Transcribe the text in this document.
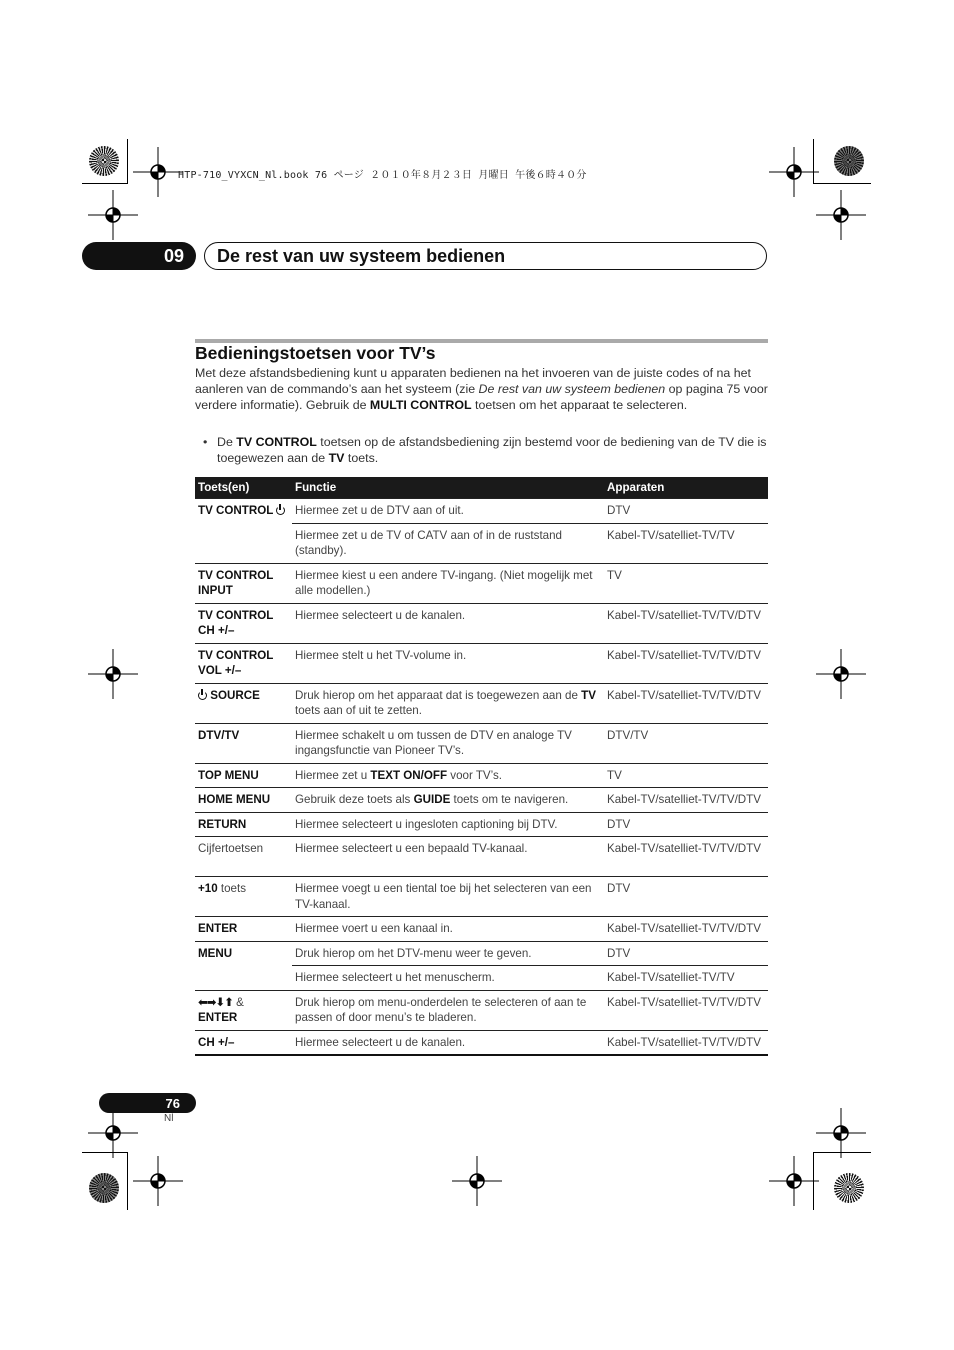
HTP-710_VYXCN_Nl.book 76 ページ ２０１０年８月２３日 月曜日 午後６時４０分
09	De rest van uw systeem bedienen
Bedieningstoetsen voor TV’s
Met deze afstandsbediening kunt u apparaten bedienen na het invoeren van de juiste codes of na het aanleren van de commando’s aan het systeem (zie De rest van uw systeem bedienen op pagina 75 voor verdere informatie). Gebruik de MULTI CONTROL toetsen om het apparaat te selecteren.
• De TV CONTROL toetsen op de afstandsbediening zijn bestemd voor de bediening van de TV die is toegewezen aan de TV toets.
Toets(en)	Functie	Apparaten
TV CONTROL	Hiermee zet u de DTV aan of uit.	DTV
	Hiermee zet u de TV of CATV aan of in de ruststand (standby).	Kabel-TV/satelliet-TV/TV
TV CONTROL
INPUT	Hiermee kiest u een andere TV-ingang. (Niet mogelijk met alle modellen.)	TV
TV CONTROL
CH +/–	Hiermee selecteert u de kanalen.	Kabel-TV/satelliet-TV/TV/DTV
TV CONTROL
VOL +/–	Hiermee stelt u het TV-volume in.	Kabel-TV/satelliet-TV/TV/DTV
SOURCE	Druk hierop om het apparaat dat is toegewezen aan de TV toets aan of uit te zetten.	Kabel-TV/satelliet-TV/TV/DTV
DTV/TV	Hiermee schakelt u om tussen de DTV en analoge TV ingangsfunctie van Pioneer TV’s.	DTV/TV
TOP MENU	Hiermee zet u TEXT ON/OFF voor TV’s.	TV
HOME MENU	Gebruik deze toets als GUIDE toets om te navigeren.	Kabel-TV/satelliet-TV/TV/DTV
RETURN	Hiermee selecteert u ingesloten captioning bij DTV.	DTV
Cijfertoetsen	Hiermee selecteert u een bepaald TV-kanaal.	Kabel-TV/satelliet-TV/TV/DTV
+10 toets	Hiermee voegt u een tiental toe bij het selecteren van een TV-kanaal.	DTV
ENTER	Hiermee voert u een kanaal in.	Kabel-TV/satelliet-TV/TV/DTV
MENU	Druk hierop om het DTV-menu weer te geven.	DTV
	Hiermee selecteert u het menuscherm.	Kabel-TV/satelliet-TV/TV
⬅➡⬇⬆ &
ENTER	Druk hierop om menu-onderdelen te selecteren of aan te passen of door menu’s te bladeren.	Kabel-TV/satelliet-TV/TV/DTV
CH +/–	Hiermee selecteert u de kanalen.	Kabel-TV/satelliet-TV/TV/DTV
76
Nl
